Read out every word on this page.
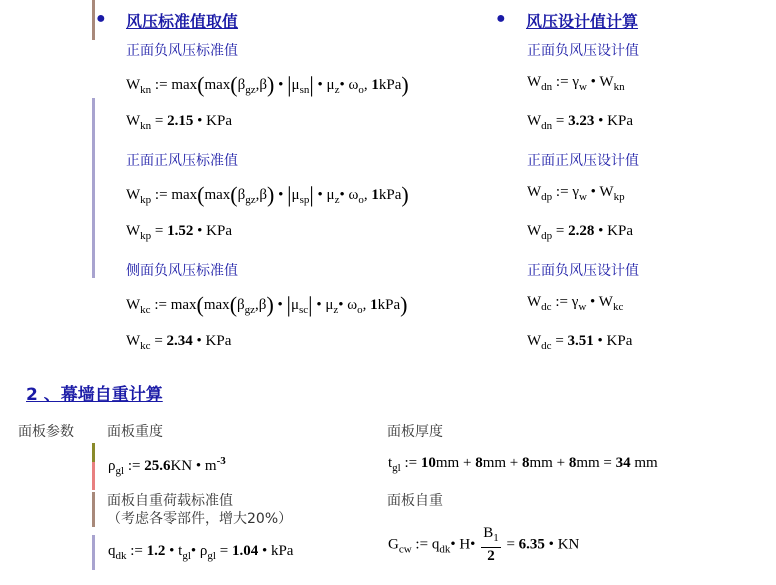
● 风压标准值取值
正面负风压标准值
$W_{kn}$ := $\max(\max(\beta_{gz},\beta)$ • $|\mu_{sn}|$ • $\mu_z•$ $\omega_o$, 1kPa)
$W_{kn} = 2.15$ • KPa
正面正风压标准值
$W_{kp}$ := $\max(\max(\beta_{gz},\beta)$ • $|\mu_{sp}|$ • $\mu_z•$ $\omega_o$, 1kPa)
$W_{kp} = 1.52$ • KPa
侧面负风压标准值
$W_{kc}$ := $\max(\max(\beta_{gz},\beta)$ • $|\mu_{sc}|$ • $\mu_z•$ $\omega_o$, 1kPa)
$W_{kc} = 2.34$ • KPa
● 风压设计值计算
正面负风压设计值
$W_{dn}$ := $\gamma_w$ • $W_{kn}$
$W_{dn} = 3.23$ • KPa
正面正风压设计值
$W_{dp}$ := $\gamma_w$ • $W_{kp}$
$W_{dp} = 2.28$ • KPa
正面负风压设计值
$W_{dc}$ := $\gamma_w$ • $W_{kc}$
$W_{dc} = 3.51$ • KPa
2 、幕墙自重计算
面板参数 面板重度
$\rho_{gl}$ := 25.6KN • $m^{-3}$
面板厚度
$t_{gl}$ := 10mm + 8mm + 8mm + 8mm = 34 mm
面板自重荷载标准值
（考虑各零部件，增大20%）
$q_{dk}$ := 1.2 • $t_{gl}•$ $\rho_{gl} = 1.04$ • kPa
面板自重
$G_{cw}$ := $q_{dk}•$ H• $\frac{B_1}{2} = 6.35$ • KN
